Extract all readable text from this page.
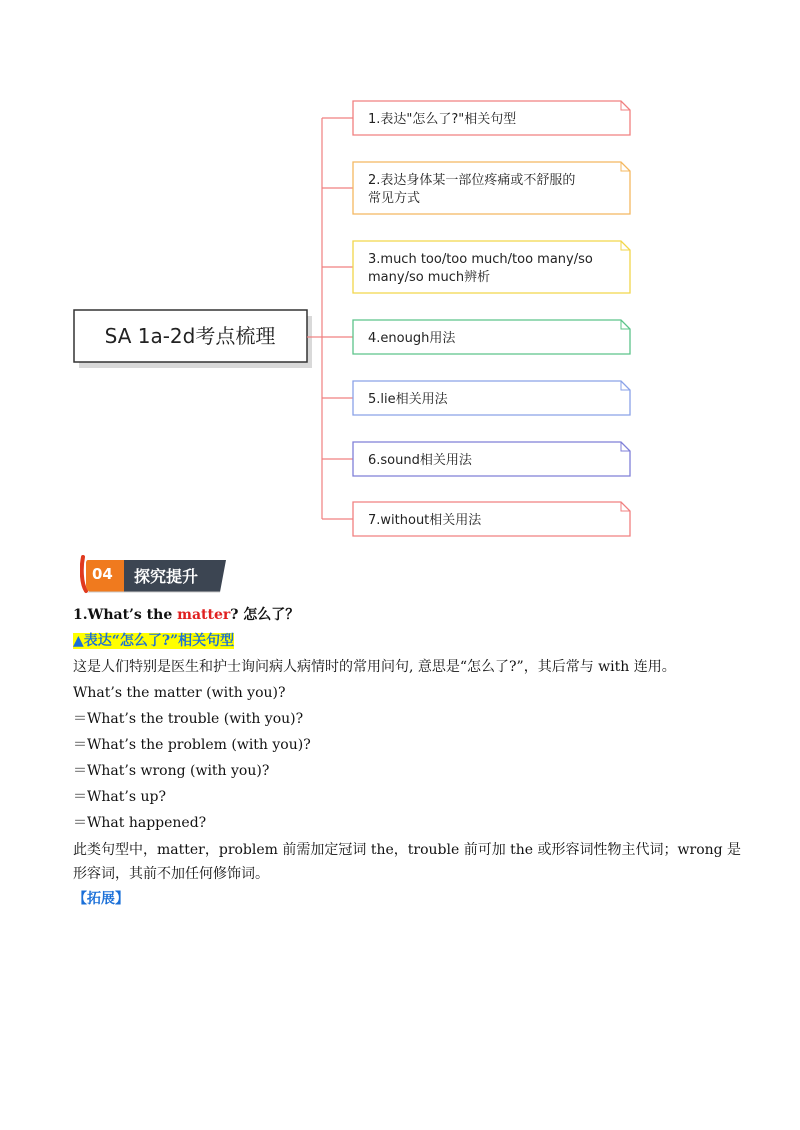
SA 1a-2d考点梳理
1.表达"怎么了?"相关句型
2.表达身体某一部位疼痛或不舒服的
常见方式
3.much too/too much/too many/so
many/so much辨析
4.enough用法
5.lie相关用法
6.sound相关用法
7.without相关用法
04 探究提升

1.What’s the matter? 怎么了？

▲表达“怎么了?”相关句型

这是人们特别是医生和护士询问病人病情时的常用问句, 意思是“怎么了?”，其后常与 with 连用。

What’s the matter (with you)?

＝What’s the trouble (with you)?

＝What’s the problem (with you)?

＝What’s wrong (with you)?

＝What’s up?

＝What happened?

此类句型中，matter，problem 前需加定冠词 the，trouble 前可加 the 或形容词性物主代词；wrong 是形容词，其前不加任何修饰词。

【拓展】
